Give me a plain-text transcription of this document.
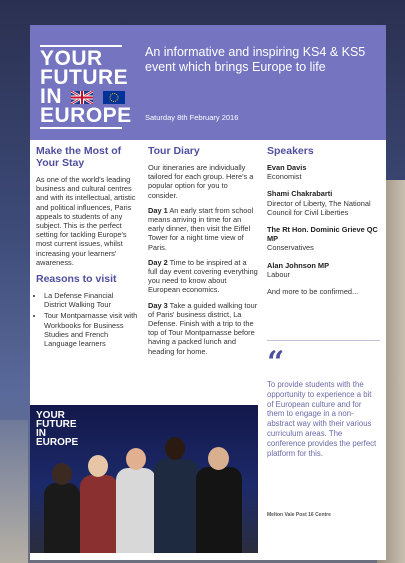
YOUR
FUTURE
IN
EUROPE
An informative and inspiring KS4 & KS5 event which brings Europe to life
Saturday 8th February 2016
Make the Most of Your Stay

As one of the world's leading business and cultural centres and with its intellectual, artistic and political influences, Paris appeals to students of any subject. This is the perfect setting for tackling Europe's most current issues, whilst increasing your learners' awareness.

Reasons to visit
• La Defense Financial District Walking Tour
• Tour Montparnasse visit with Workbooks for Business Studies and French Language learners
Tour Diary

Our itineraries are individually tailored for each group. Here's a popular option for you to consider.

Day 1 An early start from school means arriving in time for an early dinner, then visit the Eiffel Tower for a night time view of Paris.

Day 2 Time to be inspired at a full day event covering everything you need to know about European economics.

Day 3 Take a guided walking tour of Paris' business district, La Defense. Finish with a trip to the top of Tour Montparnasse before having a packed lunch and heading for home.

Speakers
Evan Davis
Economist
Shami Chakrabarti
Director of Liberty, The National Council for Civil Liberties
The Rt Hon. Dominic Grieve QC MP
Conservatives
Alan Johnson MP
Labour
And more to be confirmed...
“

To provide students with the opportunity to experience a bit of European culture and for them to engage in a non-abstract way with their various curriculum areas. The conference provides the perfect platform for this.

Melton Vale Post 16 Centre
YOUR
FUTURE
IN
EUROPE
